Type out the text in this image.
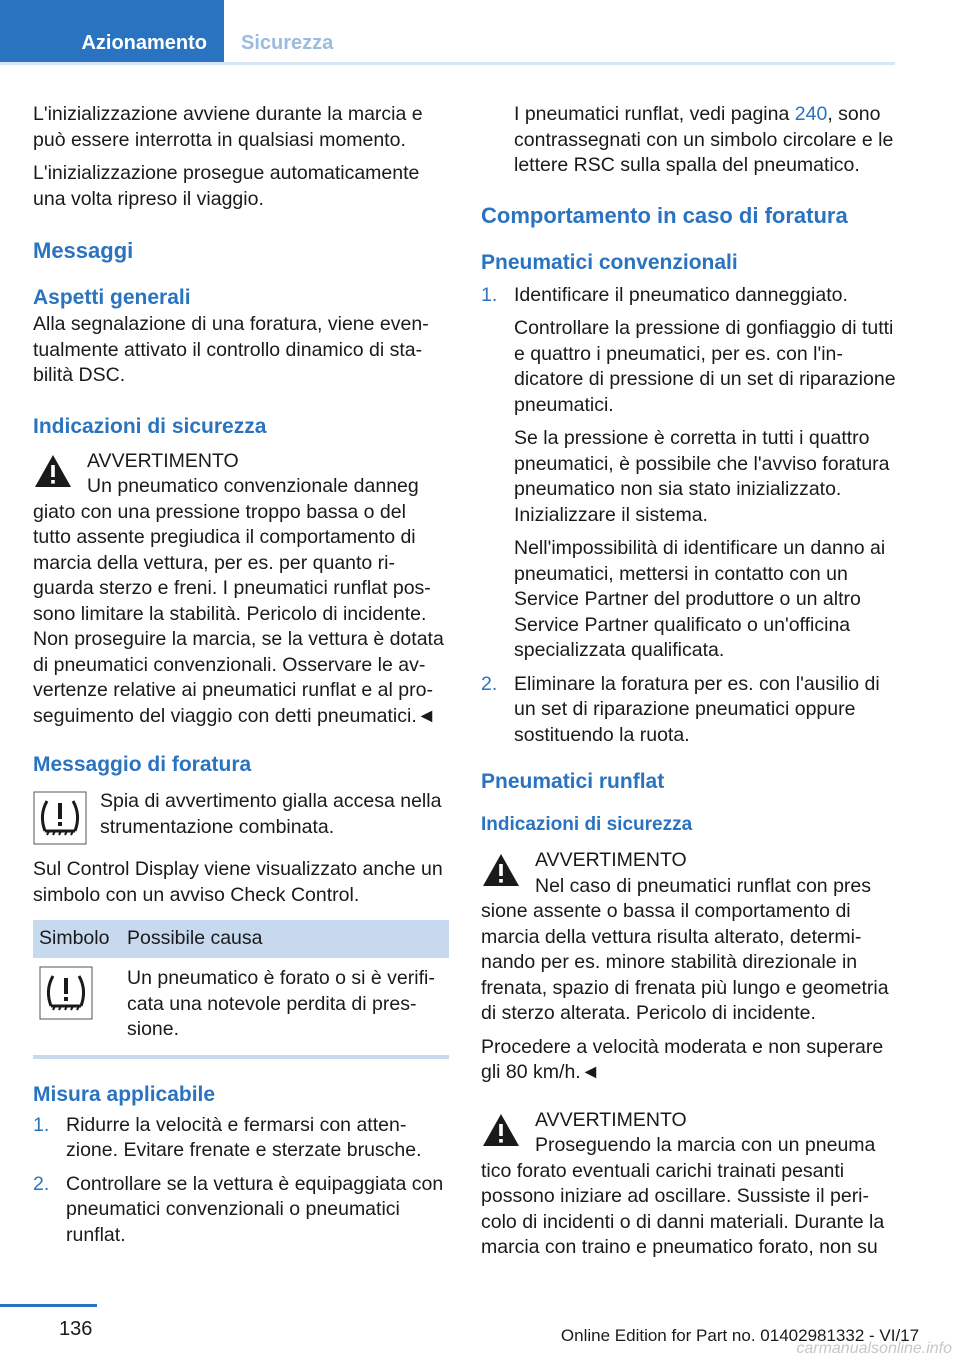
Azionamento Sicurezza

L'inizializzazione avviene durante la marcia e può essere interrotta in qualsiasi momento.

L'inizializzazione prosegue automaticamente una volta ripreso il viaggio.

Messaggi
Aspetti generali

Alla segnalazione di una foratura, viene eventualmente attivato il controllo dinamico di stabilità DSC.

Indicazioni di sicurezza
AVVERTIMENTO
Un pneumatico convenzionale danneg
giato con una pressione troppo bassa o del tutto assente pregiudica il comportamento di marcia della vettura, per es. per quanto riguarda sterzo e freni. I pneumatici runflat possono limitare la stabilità. Pericolo di incidente. Non proseguire la marcia, se la vettura è dotata di pneumatici convenzionali. Osservare le avvertenze relative ai pneumatici runflat e al proseguimento del viaggio con detti pneumatici.◄
Messaggio di foratura
Spia di avvertimento gialla accesa nella strumentazione combinata.

Sul Control Display viene visualizzato anche un simbolo con un avviso Check Control.

Simbolo	Possibile causa
	Un pneumatico è forato o si è verificata una notevole perdita di pressione.
Misura applicabile
1. Ridurre la velocità e fermarsi con attenzione. Evitare frenate e sterzate brusche.
2. Controllare se la vettura è equipaggiata con pneumatici convenzionali o pneumatici runflat.

I pneumatici runflat, vedi pagina 240, sono contrassegnati con un simbolo circolare e le lettere RSC sulla spalla del pneumatico.

Comportamento in caso di foratura
Pneumatici convenzionali
1. Identificare il pneumatico danneggiato.

Controllare la pressione di gonfiaggio di tutti e quattro i pneumatici, per es. con l'indicatore di pressione di un set di riparazione pneumatici.

Se la pressione è corretta in tutti i quattro pneumatici, è possibile che l'avviso foratura pneumatico non sia stato inizializzato. Inizializzare il sistema.

Nell'impossibilità di identificare un danno ai pneumatici, mettersi in contatto con un Service Partner del produttore o un altro Service Partner qualificato o un'officina specializzata qualificata.

2. Eliminare la foratura per es. con l'ausilio di un set di riparazione pneumatici oppure sostituendo la ruota.
Pneumatici runflat
Indicazioni di sicurezza
AVVERTIMENTO
Nel caso di pneumatici runflat con pres
sione assente o bassa il comportamento di marcia della vettura risulta alterato, determinando per es. minore stabilità direzionale in frenata, spazio di frenata più lungo e geometria di sterzo alterata. Pericolo di incidente.

Procedere a velocità moderata e non superare gli 80 km/h.◄

AVVERTIMENTO
Proseguendo la marcia con un pneuma
tico forato eventuali carichi trainati pesanti possono iniziare ad oscillare. Sussiste il pericolo di incidenti o di danni materiali. Durante la marcia con traino e pneumatico forato, non su
136	Online Edition for Part no. 01402981332 - VI/17
carmanualsonline.info
